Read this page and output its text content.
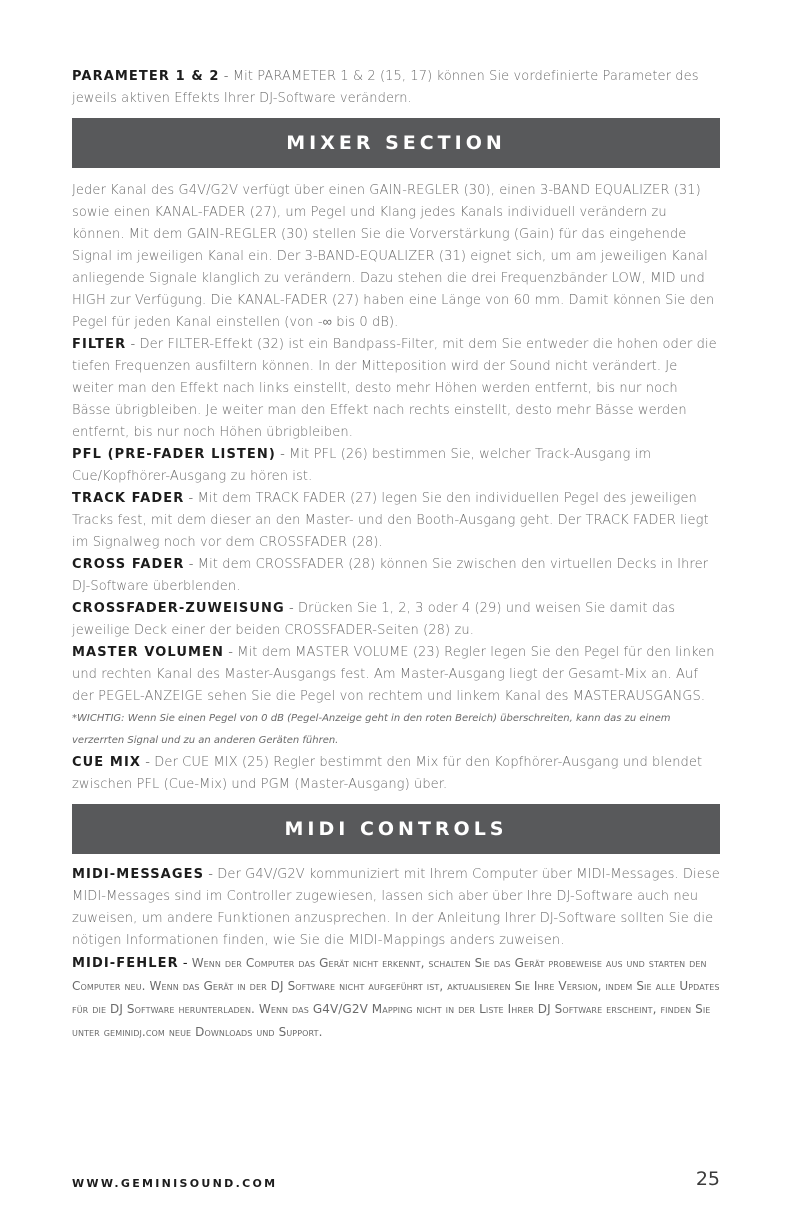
PARAMETER 1 & 2 - Mit PARAMETER 1 & 2 (15, 17) können Sie vordefinierte Parameter des jeweils aktiven Effekts Ihrer DJ-Software verändern.

MIXER SECTION

Jeder Kanal des G4V/G2V verfügt über einen GAIN-REGLER (30), einen 3-BAND EQUALIZER (31) sowie einen KANAL-FADER (27), um Pegel und Klang jedes Kanals individuell verändern zu können. Mit dem GAIN-REGLER (30) stellen Sie die Vorverstärkung (Gain) für das eingehende Signal im jeweiligen Kanal ein. Der 3-BAND-EQUALIZER (31) eignet sich, um am jeweiligen Kanal anliegende Signale klanglich zu verändern. Dazu stehen die drei Frequenzbänder LOW, MID und HIGH zur Verfügung. Die KANAL-FADER (27) haben eine Länge von 60 mm. Damit können Sie den Pegel für jeden Kanal einstellen (von -∞ bis 0 dB).

FILTER - Der FILTER-Effekt (32) ist ein Bandpass-Filter, mit dem Sie entweder die hohen oder die tiefen Frequenzen ausfiltern können. In der Mitteposition wird der Sound nicht verändert. Je weiter man den Effekt nach links einstellt, desto mehr Höhen werden entfernt, bis nur noch Bässe übrigbleiben. Je weiter man den Effekt nach rechts einstellt, desto mehr Bässe werden entfernt, bis nur noch Höhen übrigbleiben.

PFL (PRE-FADER LISTEN) - Mit PFL (26) bestimmen Sie, welcher Track-Ausgang im Cue/Kopfhörer-Ausgang zu hören ist.

TRACK FADER - Mit dem TRACK FADER (27) legen Sie den individuellen Pegel des jeweiligen Tracks fest, mit dem dieser an den Master- und den Booth-Ausgang geht. Der TRACK FADER liegt im Signalweg noch vor dem CROSSFADER (28).

CROSS FADER - Mit dem CROSSFADER (28) können Sie zwischen den virtuellen Decks in Ihrer DJ-Software überblenden.

CROSSFADER-ZUWEISUNG - Drücken Sie 1, 2, 3 oder 4 (29) und weisen Sie damit das jeweilige Deck einer der beiden CROSSFADER-Seiten (28) zu.

MASTER VOLUMEN - Mit dem MASTER VOLUME (23) Regler legen Sie den Pegel für den linken und rechten Kanal des Master-Ausgangs fest. Am Master-Ausgang liegt der Gesamt-Mix an. Auf der PEGEL-ANZEIGE sehen Sie die Pegel von rechtem und linkem Kanal des MASTERAUSGANGS.

*WICHTIG: Wenn Sie einen Pegel von 0 dB (Pegel-Anzeige geht in den roten Bereich) überschreiten, kann das zu einem verzerrten Signal und zu an anderen Geräten führen.

CUE MIX - Der CUE MIX (25) Regler bestimmt den Mix für den Kopfhörer-Ausgang und blendet zwischen PFL (Cue-Mix) und PGM (Master-Ausgang) über.

MIDI CONTROLS

MIDI-MESSAGES - Der G4V/G2V kommuniziert mit Ihrem Computer über MIDI-Messages. Diese MIDI-Messages sind im Controller zugewiesen, lassen sich aber über Ihre DJ-Software auch neu zuweisen, um andere Funktionen anzusprechen. In der Anleitung Ihrer DJ-Software sollten Sie die nötigen Informationen finden, wie Sie die MIDI-Mappings anders zuweisen.

MIDI-FEHLER - Wenn der Computer das Gerät nicht erkennt, schalten Sie das Gerät probeweise aus und starten den Computer neu. Wenn das Gerät in der DJ Software nicht aufgeführt ist, aktualisieren Sie Ihre Version, indem Sie alle Updates für die DJ Software herunterladen. Wenn das G4V/G2V Mapping nicht in der Liste Ihrer DJ Software erscheint, finden Sie unter geminidj.com neue Downloads und Support.

WWW.GEMINISOUND.COM	25
